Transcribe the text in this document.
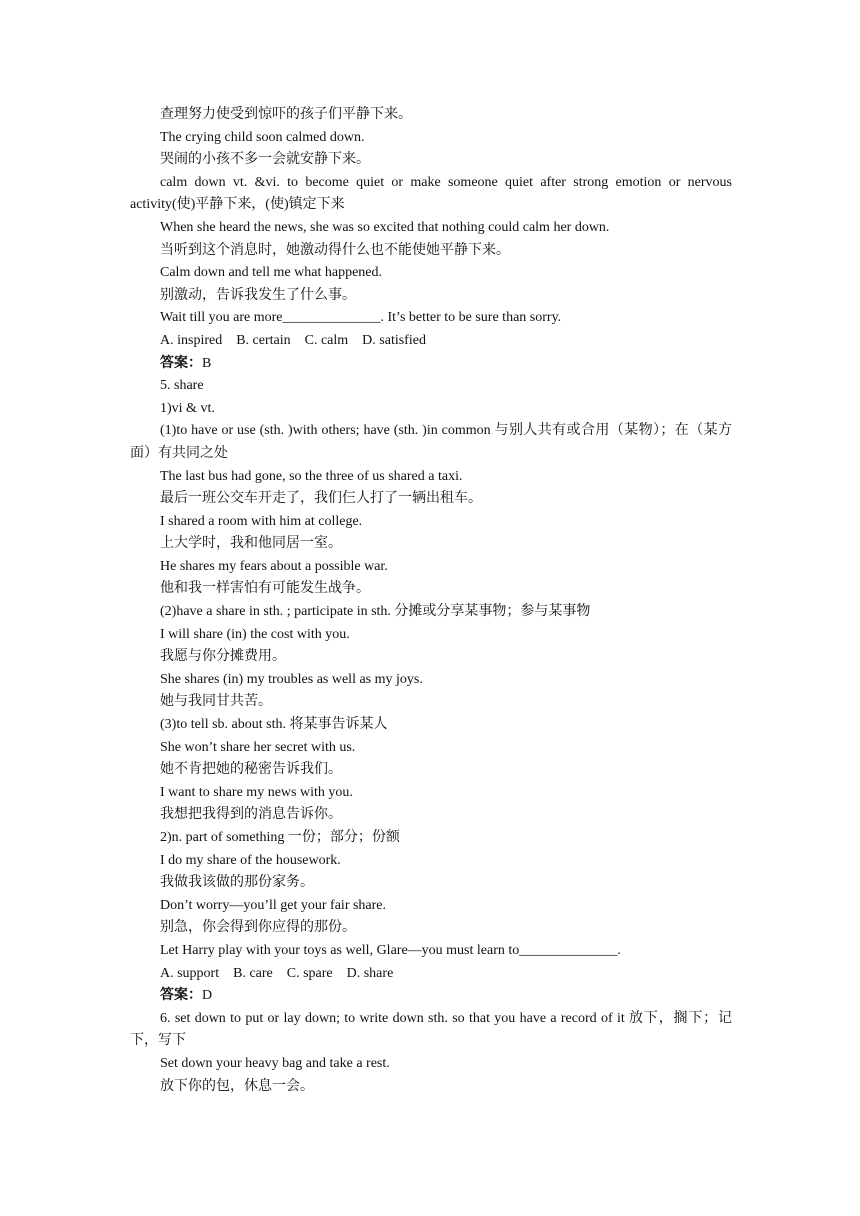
查理努力使受到惊吓的孩子们平静下来。

The crying child soon calmed down.

哭闹的小孩不多一会就安静下来。

calm down vt. &vi. to become quiet or make someone quiet after strong emotion or nervous activity(使)平静下来，(使)镇定下来

When she heard the news, she was so excited that nothing could calm her down.

当听到这个消息时，她激动得什么也不能使她平静下来。

Calm down and tell me what happened.

别激动，告诉我发生了什么事。

Wait till you are more______________. It’s better to be sure than sorry.

A. inspired    B. certain    C. calm    D. satisfied

答案：B

5. share

1)vi & vt.

(1)to have or use (sth. )with others; have (sth. )in common 与别人共有或合用（某物）；在（某方面）有共同之处

The last bus had gone, so the three of us shared a taxi.

最后一班公交车开走了，我们仨人打了一辆出租车。

I shared a room with him at college.

上大学时，我和他同居一室。

He shares my fears about a possible war.

他和我一样害怕有可能发生战争。

(2)have a share in sth. ; participate in sth. 分摊或分享某事物；参与某事物

I will share (in) the cost with you.

我愿与你分摊费用。

She shares (in) my troubles as well as my joys.

她与我同甘共苦。

(3)to tell sb. about sth. 将某事告诉某人

She won’t share her secret with us.

她不肯把她的秘密告诉我们。

I want to share my news with you.

我想把我得到的消息告诉你。

2)n. part of something 一份；部分；份额

I do my share of the housework.

我做我该做的那份家务。

Don’t worry—you’ll get your fair share.

别急，你会得到你应得的那份。

Let Harry play with your toys as well, Glare—you must learn to______________.

A. support    B. care    C. spare    D. share

答案：D

6. set down to put or lay down; to write down sth. so that you have a record of it 放下，搁下；记下，写下

Set down your heavy bag and take a rest.

放下你的包，休息一会。
